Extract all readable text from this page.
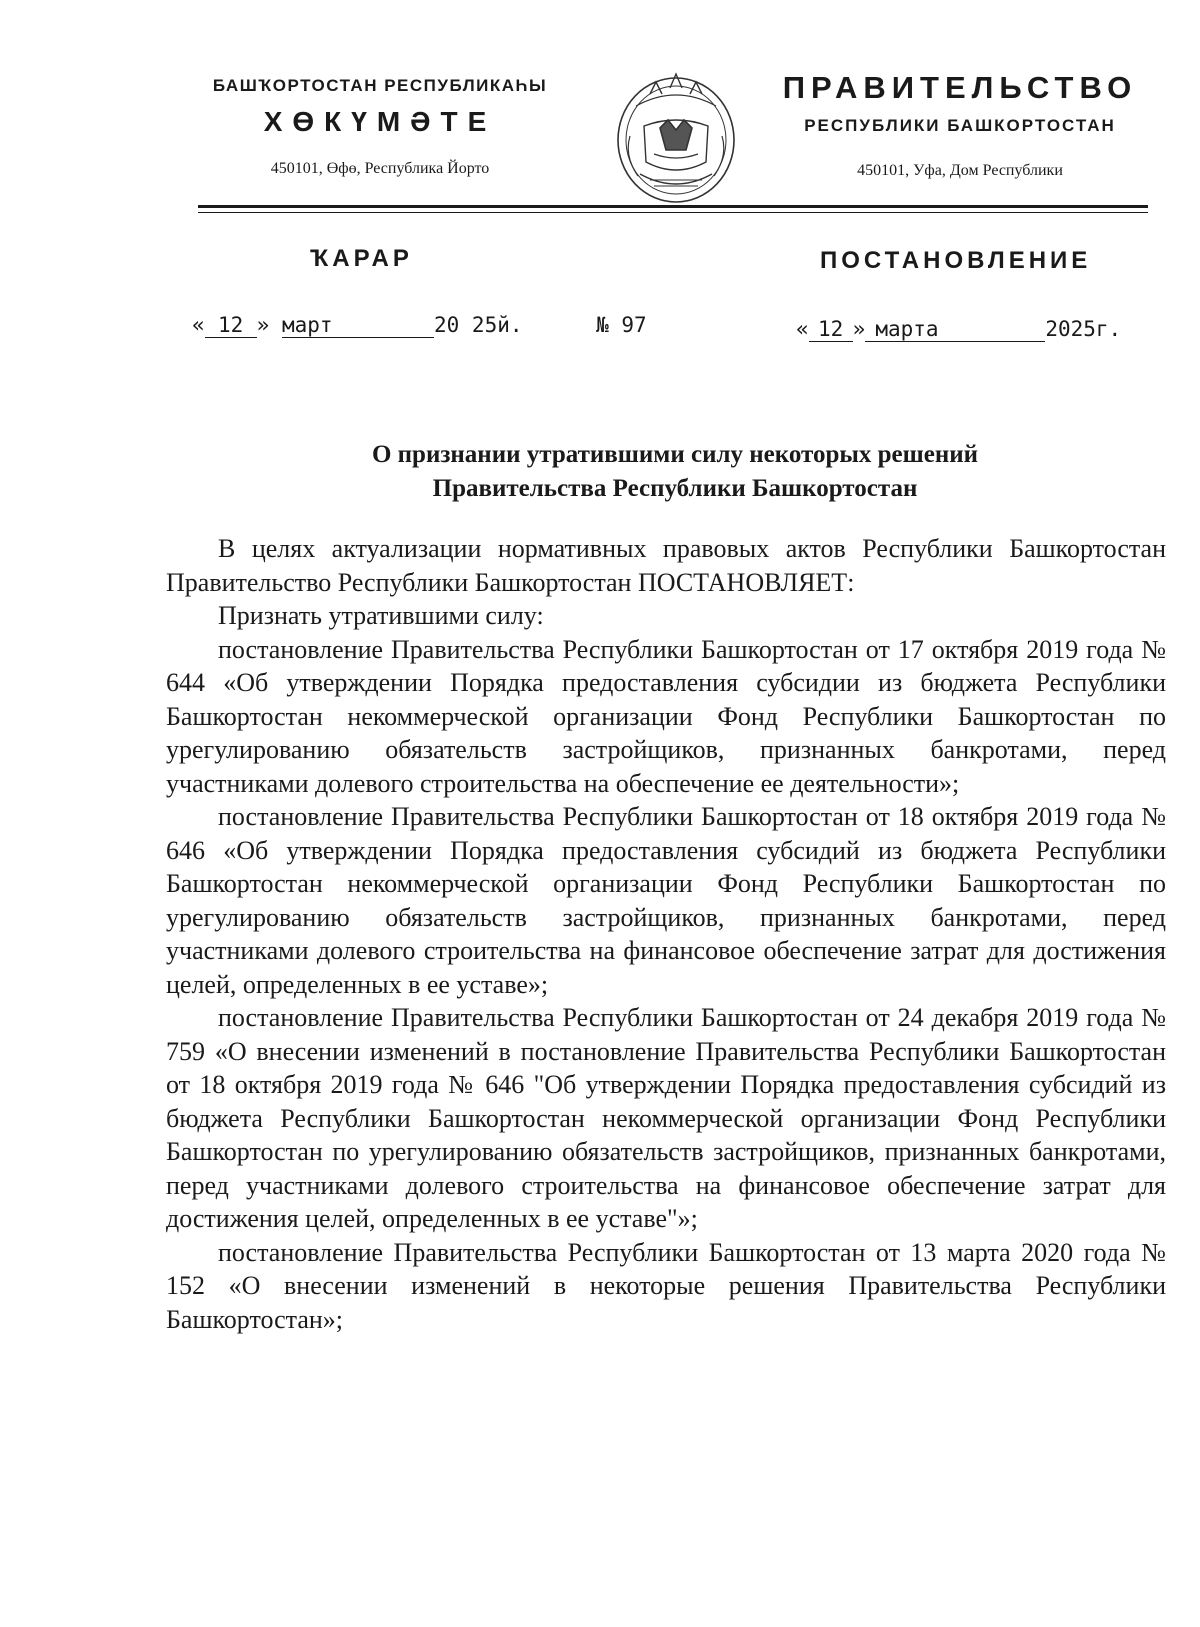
БАШҠОРТОСТАН РЕСПУБЛИКАҺЫ
ХӨКҮМӘТЕ
450101, Өфө, Республика Йорто
ПРАВИТЕЛЬСТВО
РЕСПУБЛИКИ БАШКОРТОСТАН
450101, Уфа, Дом Республики
ҠАРАР	ПОСТАНОВЛЕНИЕ
« 12 » март	20 25й.	№ 97	« 12 » марта	2025г.
О признании утратившими силу некоторых решений
Правительства Республики Башкортостан

В целях актуализации нормативных правовых актов Республики Башкортостан Правительство Республики Башкортостан ПОСТАНОВЛЯЕТ:

Признать утратившими силу:

постановление Правительства Республики Башкортостан от 17 октября 2019 года № 644 «Об утверждении Порядка предоставления субсидии из бюджета Республики Башкортостан некоммерческой организации Фонд Республики Башкортостан по урегулированию обязательств застройщиков, признанных банкротами, перед участниками долевого строительства на обеспечение ее деятельности»;

постановление Правительства Республики Башкортостан от 18 октября 2019 года № 646 «Об утверждении Порядка предоставления субсидий из бюджета Республики Башкортостан некоммерческой организации Фонд Республики Башкортостан по урегулированию обязательств застройщиков, признанных банкротами, перед участниками долевого строительства на финансовое обеспечение затрат для достижения целей, определенных в ее уставе»;

постановление Правительства Республики Башкортостан от 24 декабря 2019 года № 759 «О внесении изменений в постановление Правительства Республики Башкортостан от 18 октября 2019 года № 646 "Об утверждении Порядка предоставления субсидий из бюджета Республики Башкортостан некоммерческой организации Фонд Республики Башкортостан по урегулированию обязательств застройщиков, признанных банкротами, перед участниками долевого строительства на финансовое обеспечение затрат для достижения целей, определенных в ее уставе"»;

постановление Правительства Республики Башкортостан от 13 марта 2020 года № 152 «О внесении изменений в некоторые решения Правительства Республики Башкортостан»;
